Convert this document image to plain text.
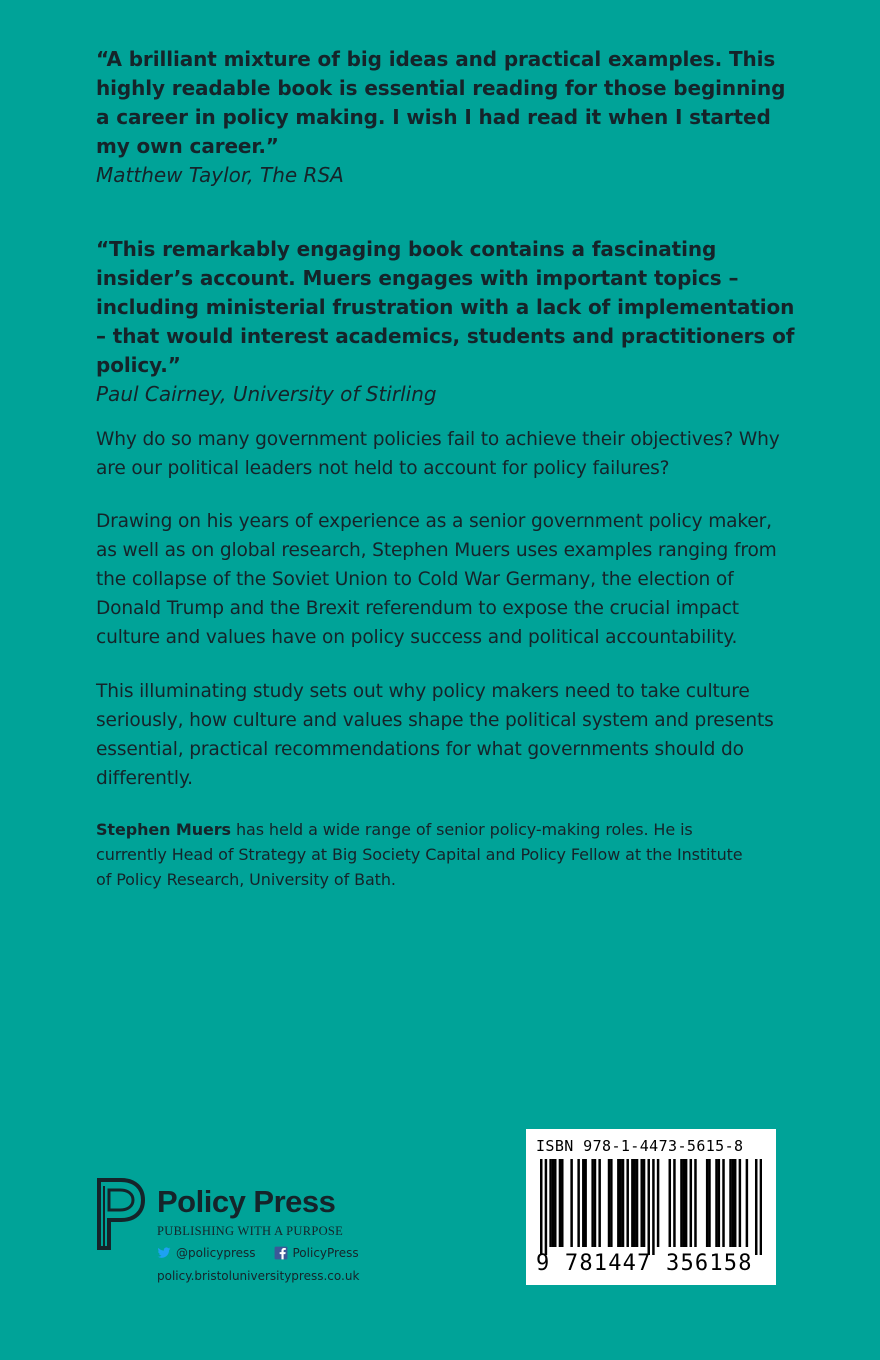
“A brilliant mixture of big ideas and practical examples. This highly readable book is essential reading for those beginning a career in policy making. I wish I had read it when I started my own career.”

Matthew Taylor, The RSA

“This remarkably engaging book contains a fascinating insider’s account. Muers engages with important topics – including ministerial frustration with a lack of implementation – that would interest academics, students and practitioners of policy.”

Paul Cairney, University of Stirling

Why do so many government policies fail to achieve their objectives? Why are our political leaders not held to account for policy failures?

Drawing on his years of experience as a senior government policy maker, as well as on global research, Stephen Muers uses examples ranging from the collapse of the Soviet Union to Cold War Germany, the election of Donald Trump and the Brexit referendum to expose the crucial impact culture and values have on policy success and political accountability.

This illuminating study sets out why policy makers need to take culture seriously, how culture and values shape the political system and presents essential, practical recommendations for what governments should do differently.

Stephen Muers has held a wide range of senior policy-making roles. He is currently Head of Strategy at Big Society Capital and Policy Fellow at the Institute of Policy Research, University of Bath.

Policy Press
PUBLISHING WITH A PURPOSE
@policypress	PolicyPress
policy.bristoluniversitypress.co.uk
ISBN 978-1-4473-5615-8
9 781447 356158
